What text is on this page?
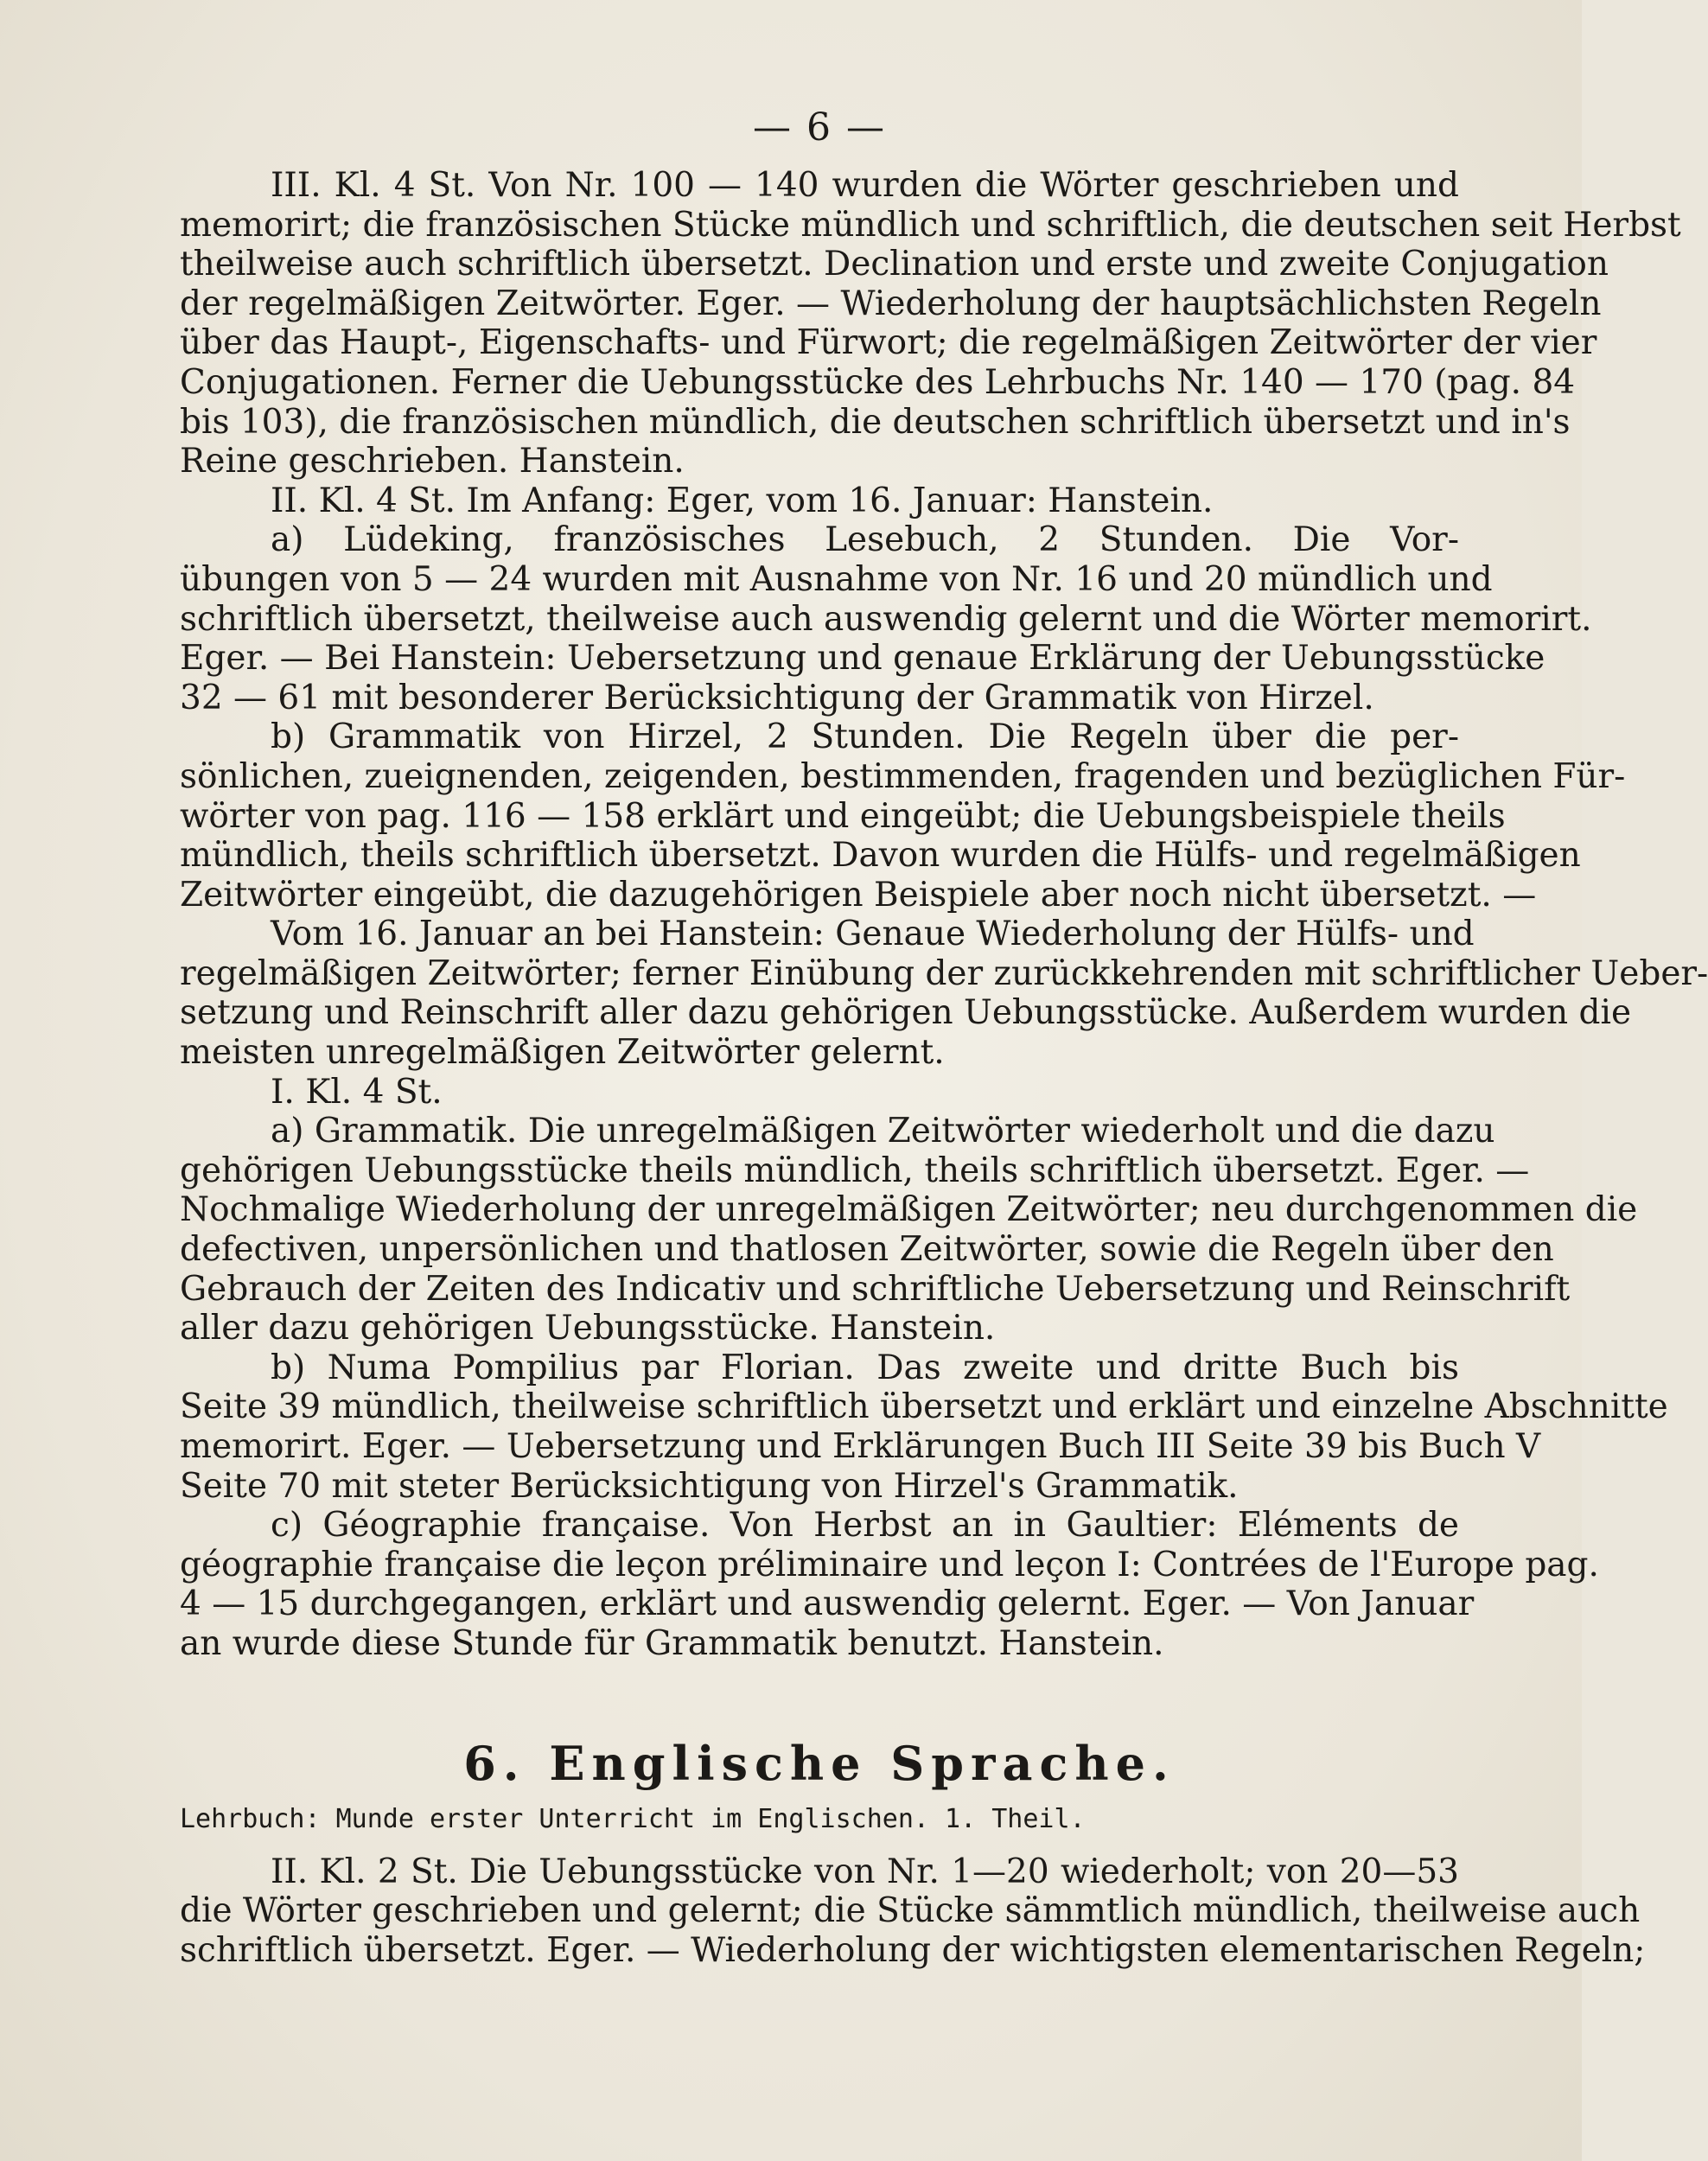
— 6 —
III. Kl. 4 St. Von Nr. 100 — 140 wurden die Wörter geschrieben und
memorirt; die französischen Stücke mündlich und schriftlich, die deutschen seit Herbst
theilweise auch schriftlich übersetzt. Declination und erste und zweite Conjugation
der regelmäßigen Zeitwörter. Eger. — Wiederholung der hauptsächlichsten Regeln
über das Haupt-, Eigenschafts- und Fürwort; die regelmäßigen Zeitwörter der vier
Conjugationen. Ferner die Uebungsstücke des Lehrbuchs Nr. 140 — 170 (pag. 84
bis 103), die französischen mündlich, die deutschen schriftlich übersetzt und in's
Reine geschrieben. Hanstein.
II. Kl. 4 St. Im Anfang: Eger, vom 16. Januar: Hanstein.
a) Lüdeking, französisches Lesebuch, 2 Stunden. Die Vor-
übungen von 5 — 24 wurden mit Ausnahme von Nr. 16 und 20 mündlich und
schriftlich übersetzt, theilweise auch auswendig gelernt und die Wörter memorirt.
Eger. — Bei Hanstein: Uebersetzung und genaue Erklärung der Uebungsstücke
32 — 61 mit besonderer Berücksichtigung der Grammatik von Hirzel.
b) Grammatik von Hirzel, 2 Stunden. Die Regeln über die per-
sönlichen, zueignenden, zeigenden, bestimmenden, fragenden und bezüglichen Für-
wörter von pag. 116 — 158 erklärt und eingeübt; die Uebungsbeispiele theils
mündlich, theils schriftlich übersetzt. Davon wurden die Hülfs- und regelmäßigen
Zeitwörter eingeübt, die dazugehörigen Beispiele aber noch nicht übersetzt. —
Vom 16. Januar an bei Hanstein: Genaue Wiederholung der Hülfs- und
regelmäßigen Zeitwörter; ferner Einübung der zurückkehrenden mit schriftlicher Ueber-
setzung und Reinschrift aller dazu gehörigen Uebungsstücke. Außerdem wurden die
meisten unregelmäßigen Zeitwörter gelernt.
I. Kl. 4 St.
a) Grammatik. Die unregelmäßigen Zeitwörter wiederholt und die dazu
gehörigen Uebungsstücke theils mündlich, theils schriftlich übersetzt. Eger. —
Nochmalige Wiederholung der unregelmäßigen Zeitwörter; neu durchgenommen die
defectiven, unpersönlichen und thatlosen Zeitwörter, sowie die Regeln über den
Gebrauch der Zeiten des Indicativ und schriftliche Uebersetzung und Reinschrift
aller dazu gehörigen Uebungsstücke. Hanstein.
b) Numa Pompilius par Florian. Das zweite und dritte Buch bis
Seite 39 mündlich, theilweise schriftlich übersetzt und erklärt und einzelne Abschnitte
memorirt. Eger. — Uebersetzung und Erklärungen Buch III Seite 39 bis Buch V
Seite 70 mit steter Berücksichtigung von Hirzel's Grammatik.
c) Géographie française. Von Herbst an in Gaultier: Eléments de
géographie française die leçon préliminaire und leçon I: Contrées de l'Europe pag.
4 — 15 durchgegangen, erklärt und auswendig gelernt. Eger. — Von Januar
an wurde diese Stunde für Grammatik benutzt. Hanstein.
6. Englische Sprache.
Lehrbuch: Munde erster Unterricht im Englischen. 1. Theil.
II. Kl. 2 St. Die Uebungsstücke von Nr. 1—20 wiederholt; von 20—53
die Wörter geschrieben und gelernt; die Stücke sämmtlich mündlich, theilweise auch
schriftlich übersetzt. Eger. — Wiederholung der wichtigsten elementarischen Regeln;
